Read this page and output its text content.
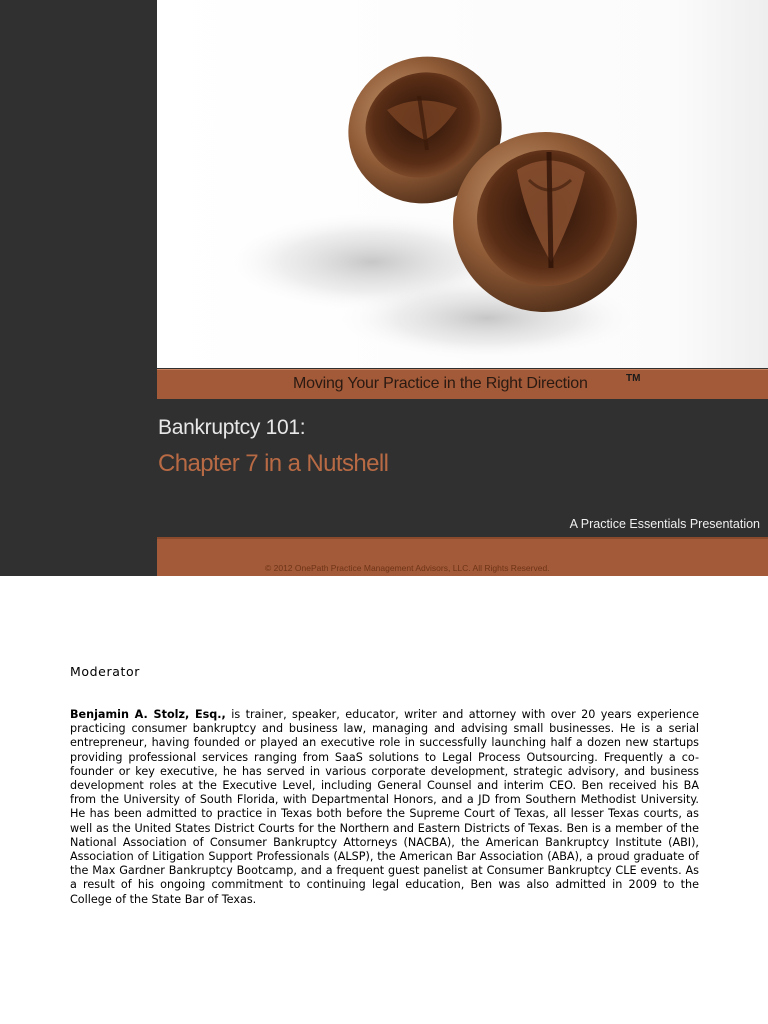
Moving Your Practice in the Right Direction	TM
Bankruptcy 101:
Chapter 7 in a Nutshell
A Practice Essentials Presentation
© 2012 OnePath Practice Management Advisors, LLC. All Rights Reserved.
Moderator

Benjamin A. Stolz, Esq., is trainer, speaker, educator, writer and attorney with over 20 years experience practicing consumer bankruptcy and business law, managing and advising small businesses. He is a serial entrepreneur, having founded or played an executive role in successfully launching half a dozen new startups providing professional services ranging from SaaS solutions to Legal Process Outsourcing. Frequently a co-founder or key executive, he has served in various corporate development, strategic advisory, and business development roles at the Executive Level, including General Counsel and interim CEO. Ben received his BA from the University of South Florida, with Departmental Honors, and a JD from Southern Methodist University. He has been admitted to practice in Texas both before the Supreme Court of Texas, all lesser Texas courts, as well as the United States District Courts for the Northern and Eastern Districts of Texas. Ben is a member of the National Association of Consumer Bankruptcy Attorneys (NACBA), the American Bankruptcy Institute (ABI), Association of Litigation Support Professionals (ALSP), the American Bar Association (ABA), a proud graduate of the Max Gardner Bankruptcy Bootcamp, and a frequent guest panelist at Consumer Bankruptcy CLE events. As a result of his ongoing commitment to continuing legal education, Ben was also admitted in 2009 to the College of the State Bar of Texas.
